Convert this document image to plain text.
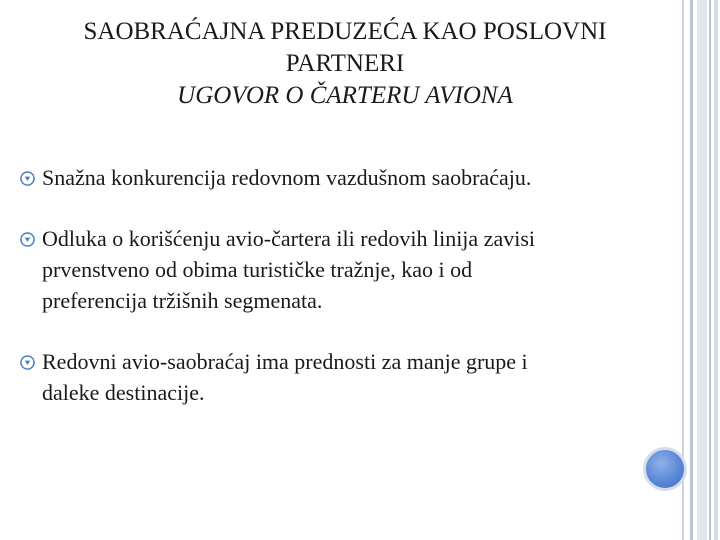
SAOBRAĆAJNA PREDUZEĆA KAO POSLOVNI
PARTNERI
UGOVOR O ČARTERU AVIONA
Snažna konkurencija redovnom vazdušnom saobraćaju.
Odluka o korišćenju avio-čartera ili redovih linija zavisi
prvenstveno od obima turističke tražnje, kao i od
preferencija tržišnih segmenata.
Redovni avio-saobraćaj ima prednosti za manje grupe i
daleke destinacije.
